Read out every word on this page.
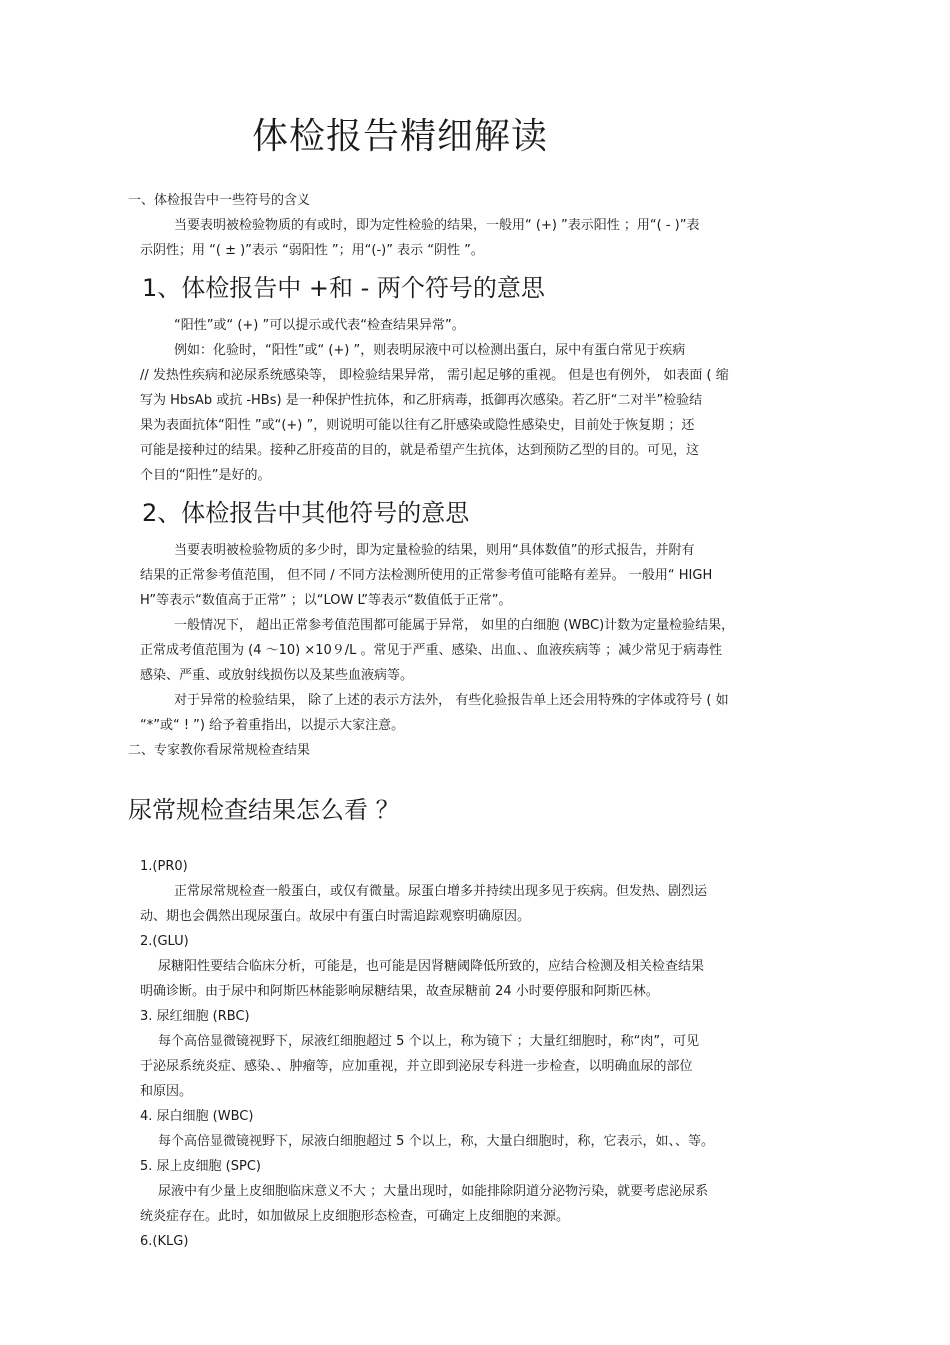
体检报告精细解读
一、体检报告中一些符号的含义
当要表明被检验物质的有或时，即为定性检验的结果，一般用“ (+) ”表示阳性 ；用“( - )”表
示阴性；用 “( ± )”表示 “弱阳性 ”；用“(-)” 表示 “阴性 ”。
1、体检报告中 +和 - 两个符号的意思
“阳性”或“ (+) ”可以提示或代表“检查结果异常”。
例如：化验时，“阳性”或“ (+) ”，则表明尿液中可以检测出蛋白，尿中有蛋白常见于疾病
// 发热性疾病和泌尿系统感染等， 即检验结果异常， 需引起足够的重视。 但是也有例外， 如表面 ( 缩
写为 HbsAb 或抗 -HBs) 是一种保护性抗体，和乙肝病毒，抵御再次感染。若乙肝“二对半”检验结
果为表面抗体“阳性 ”或“(+) ”，则说明可能以往有乙肝感染或隐性感染史，目前处于恢复期 ；还
可能是接种过的结果。接种乙肝疫苗的目的，就是希望产生抗体，达到预防乙型的目的。可见，这
个目的“阳性”是好的。
2、体检报告中其他符号的意思
当要表明被检验物质的多少时，即为定量检验的结果，则用“具体数值”的形式报告，并附有
结果的正常参考值范围， 但不同 / 不同方法检测所使用的正常参考值可能略有差异。 一般用“ HIGH
H”等表示“数值高于正常” ；以“LOW L”等表示“数值低于正常”。
一般情况下， 超出正常参考值范围都可能属于异常， 如里的白细胞 (WBC)计数为定量检验结果，
正常成考值范围为 (4 ～10) ×10９/L 。常见于严重、感染、出血、、血液疾病等 ；减少常见于病毒性
感染、严重、或放射线损伤以及某些血液病等。
对于异常的检验结果， 除了上述的表示方法外， 有些化验报告单上还会用特殊的字体或符号 ( 如
“*”或“ ! ”) 给予着重指出，以提示大家注意。
二、专家教你看尿常规检查结果
尿常规检查结果怎么看 ？
1.(PR0)
正常尿常规检查一般蛋白，或仅有微量。尿蛋白增多并持续出现多见于疾病。但发热、剧烈运
动、期也会偶然出现尿蛋白。故尿中有蛋白时需追踪观察明确原因。
2.(GLU)
尿糖阳性要结合临床分析，可能是，也可能是因肾糖阈降低所致的，应结合检测及相关检查结果
明确诊断。由于尿中和阿斯匹林能影响尿糖结果，故查尿糖前 24 小时要停服和阿斯匹林。
3. 尿红细胞 (RBC)
每个高倍显微镜视野下，尿液红细胞超过 5 个以上，称为镜下 ；大量红细胞时，称“肉”，可见
于泌尿系统炎症、感染、、肿瘤等，应加重视，并立即到泌尿专科进一步检查，以明确血尿的部位
和原因。
4. 尿白细胞 (WBC)
每个高倍显微镜视野下，尿液白细胞超过 5 个以上，称，大量白细胞时，称，它表示，如、、等。
5. 尿上皮细胞 (SPC)
尿液中有少量上皮细胞临床意义不大 ；大量出现时，如能排除阴道分泌物污染，就要考虑泌尿系
统炎症存在。此时，如加做尿上皮细胞形态检查，可确定上皮细胞的来源。
6.(KLG)
